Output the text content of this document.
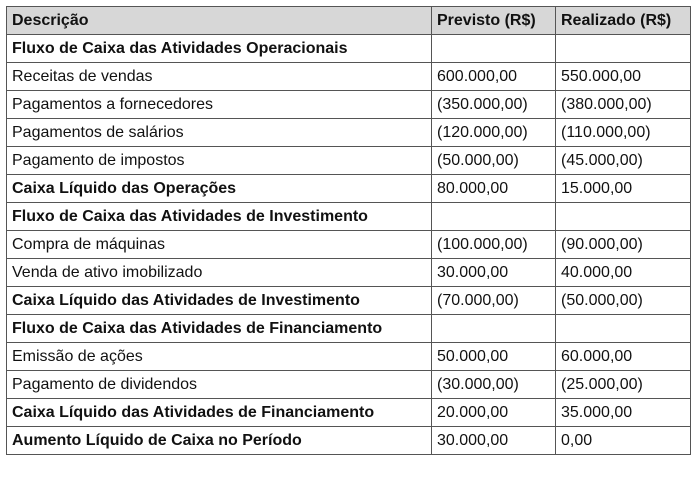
Descrição	Previsto (R$)	Realizado (R$)
Fluxo de Caixa das Atividades Operacionais		
Receitas de vendas	600.000,00	550.000,00
Pagamentos a fornecedores	(350.000,00)	(380.000,00)
Pagamentos de salários	(120.000,00)	(110.000,00)
Pagamento de impostos	(50.000,00)	(45.000,00)
Caixa Líquido das Operações	80.000,00	15.000,00
Fluxo de Caixa das Atividades de Investimento		
Compra de máquinas	(100.000,00)	(90.000,00)
Venda de ativo imobilizado	30.000,00	40.000,00
Caixa Líquido das Atividades de Investimento	(70.000,00)	(50.000,00)
Fluxo de Caixa das Atividades de Financiamento		
Emissão de ações	50.000,00	60.000,00
Pagamento de dividendos	(30.000,00)	(25.000,00)
Caixa Líquido das Atividades de Financiamento	20.000,00	35.000,00
Aumento Líquido de Caixa no Período	30.000,00	0,00
